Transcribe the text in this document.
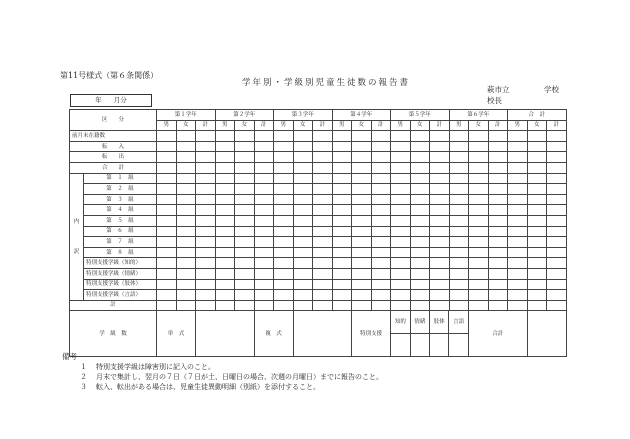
第11号様式（第６条関係）
学年別・学級別児童生徒数の報告書
萩市立	学校
校長
年 月分
区　　分	第１学年	第２学年	第３学年	第４学年	第５学年	第６学年	合　計
男	女	計	男	女	計	男	女	計	男	女	計	男	女	計	男	女	計	男	女	計
前月末在籍数																					
転　　入																					
転　　出																					
合　　計																					

内
訳
	第　１　組																					
第　２　組																					
第　３　組																					
第　４　組																					
第　５　組																					
第　６　組																					
第　７　組																					
第　８　組																					
特別支援学級（知的）																					
特別支援学級（情緒）																					
特別支援学級（肢体）																					
特別支援学級（言語）																					
計																					
学　級　数	単　式		複　式		特別支援	
知的	情緒	肢体	言語

	合計	
備考
１ 特別支援学級は障害別に記入のこと。
２ 月末で集計し、翌月の７日（７日が土、日曜日の場合、次週の月曜日）までに報告のこと。
３ 転入、転出がある場合は、児童生徒異動明細（別紙）を添付すること。
